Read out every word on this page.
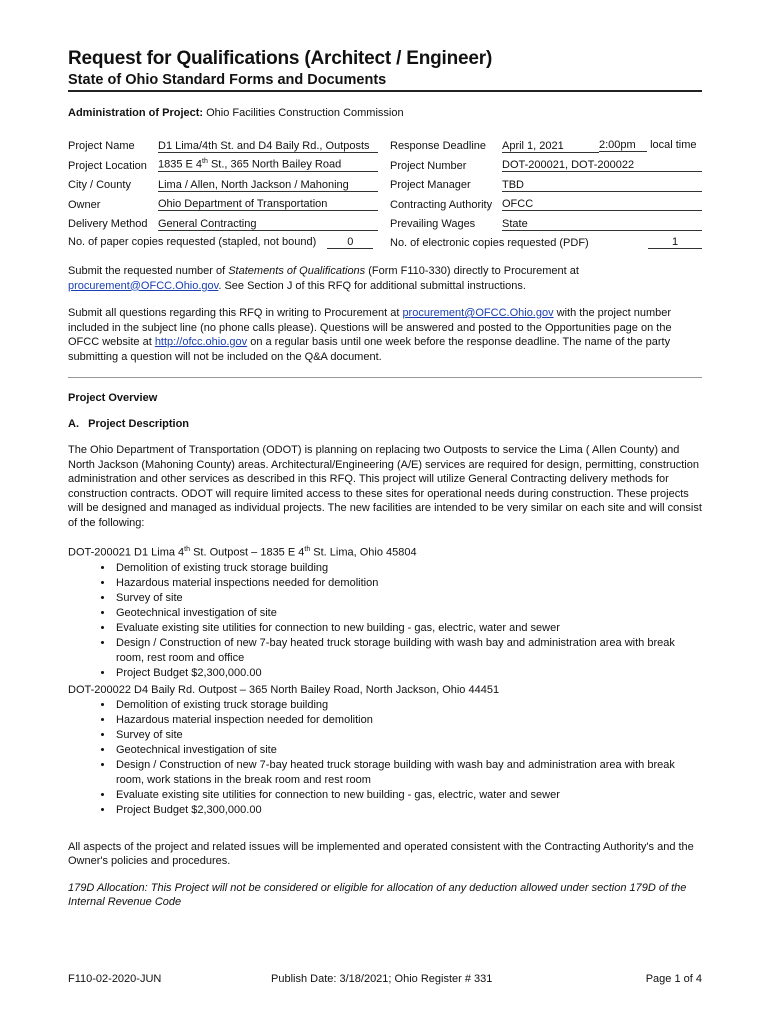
Request for Qualifications (Architect / Engineer)
State of Ohio Standard Forms and Documents
Administration of Project: Ohio Facilities Construction Commission
Project Name	D1 Lima/4th St. and D4 Baily Rd., Outposts		Response Deadline	April 1, 2021	2:00pm local time
Project Location	1835 E 4th St., 365 North Bailey Road		Project Number	DOT-200021, DOT-200022	
City / County	Lima / Allen, North Jackson / Mahoning		Project Manager	TBD	
Owner	Ohio Department of Transportation		Contracting Authority	OFCC	
Delivery Method	General Contracting		Prevailing Wages	State	
No. of paper copies requested (stapled, not bound) 0			No. of electronic copies requested (PDF)		1

Submit the requested number of Statements of Qualifications (Form F110-330) directly to Procurement at
procurement@OFCC.Ohio.gov. See Section J of this RFQ for additional submittal instructions.

Submit all questions regarding this RFQ in writing to Procurement at procurement@OFCC.Ohio.gov with the project number included in the subject line (no phone calls please). Questions will be answered and posted to the Opportunities page on the OFCC website at http://ofcc.ohio.gov on a regular basis until one week before the response deadline. The name of the party submitting a question will not be included on the Q&A document.

Project Overview
A.   Project Description

The Ohio Department of Transportation (ODOT) is planning on replacing two Outposts to service the Lima ( Allen County) and North Jackson (Mahoning County) areas. Architectural/Engineering (A/E) services are required for design, permitting, construction administration and other services as described in this RFQ. This project will utilize General Contracting delivery methods for construction contracts. ODOT will require limited access to these sites for operational needs during construction. These projects will be designed and managed as individual projects. The new facilities are intended to be very similar on each site and will consist of the following:

DOT-200021 D1 Lima 4th St. Outpost – 1835 E 4th St. Lima, Ohio 45804
• Demolition of existing truck storage building
• Hazardous material inspections needed for demolition
• Survey of site
• Geotechnical investigation of site
• Evaluate existing site utilities for connection to new building - gas, electric, water and sewer
• Design / Construction of new 7-bay heated truck storage building with wash bay and administration area with break room, rest room and office
• Project Budget $2,300,000.00
DOT-200022 D4 Baily Rd. Outpost – 365 North Bailey Road, North Jackson, Ohio 44451
• Demolition of existing truck storage building
• Hazardous material inspection needed for demolition
• Survey of site
• Geotechnical investigation of site
• Design / Construction of new 7-bay heated truck storage building with wash bay and administration area with break room, work stations in the break room and rest room
• Evaluate existing site utilities for connection to new building - gas, electric, water and sewer
• Project Budget $2,300,000.00

All aspects of the project and related issues will be implemented and operated consistent with the Contracting Authority's and the Owner's policies and procedures.

179D Allocation: This Project will not be considered or eligible for allocation of any deduction allowed under section 179D of the Internal Revenue Code

F110-02-2020-JUN	Publish Date: 3/18/2021; Ohio Register # 331	Page 1 of 4
